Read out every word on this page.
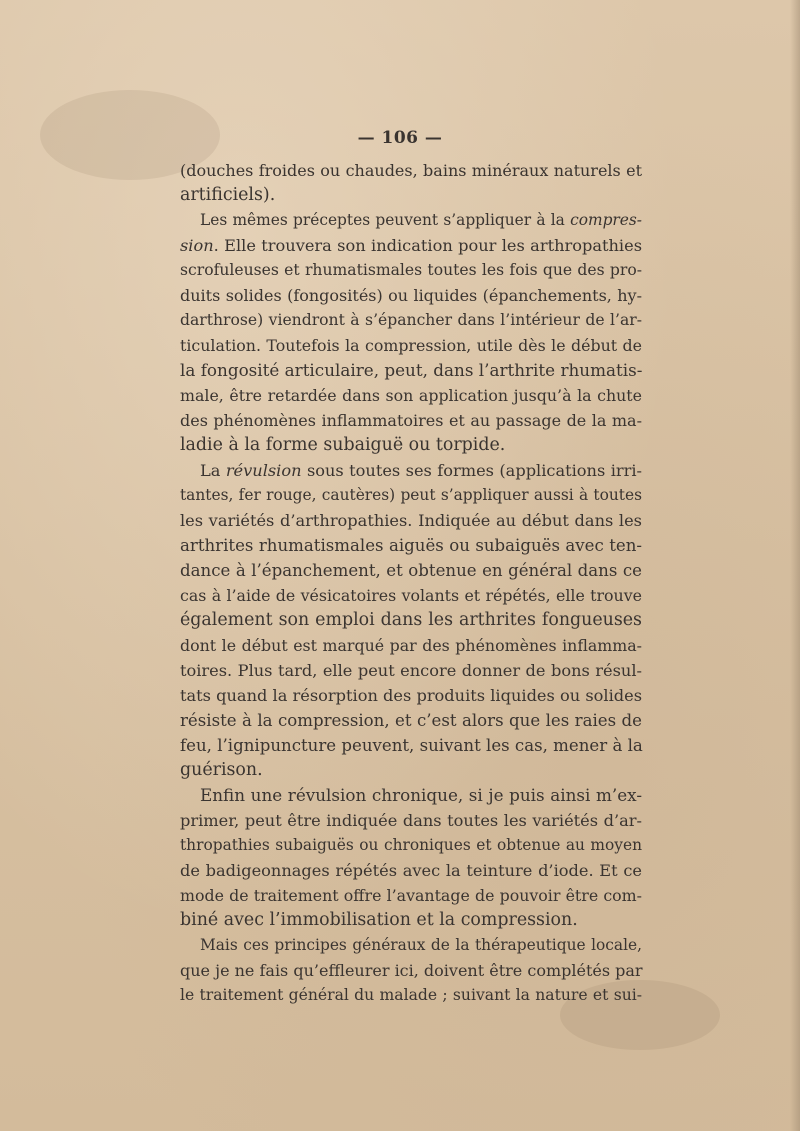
— 106 —
(douches froides ou chaudes, bains minéraux naturels et
artificiels).
Les mêmes préceptes peuvent s’appliquer à la compres-
sion. Elle trouvera son indication pour les arthropathies
scrofuleuses et rhumatismales toutes les fois que des pro-
duits solides (fongosités) ou liquides (épanchements, hy-
darthrose) viendront à s’épancher dans l’intérieur de l’ar-
ticulation. Toutefois la compression, utile dès le début de
la fongosité articulaire, peut, dans l’arthrite rhumatis-
male, être retardée dans son application jusqu’à la chute
des phénomènes inflammatoires et au passage de la ma-
ladie à la forme subaiguë ou torpide.
La révulsion sous toutes ses formes (applications irri-
tantes, fer rouge, cautères) peut s’appliquer aussi à toutes
les variétés d’arthropathies. Indiquée au début dans les
arthrites rhumatismales aiguës ou subaiguës avec ten-
dance à l’épanchement, et obtenue en général dans ce
cas à l’aide de vésicatoires volants et répétés, elle trouve
également son emploi dans les arthrites fongueuses
dont le début est marqué par des phénomènes inflamma-
toires. Plus tard, elle peut encore donner de bons résul-
tats quand la résorption des produits liquides ou solides
résiste à la compression, et c’est alors que les raies de
feu, l’ignipuncture peuvent, suivant les cas, mener à la
guérison.
Enfin une révulsion chronique, si je puis ainsi m’ex-
primer, peut être indiquée dans toutes les variétés d’ar-
thropathies subaiguës ou chroniques et obtenue au moyen
de badigeonnages répétés avec la teinture d’iode. Et ce
mode de traitement offre l’avantage de pouvoir être com-
biné avec l’immobilisation et la compression.
Mais ces principes généraux de la thérapeutique locale,
que je ne fais qu’effleurer ici, doivent être complétés par
le traitement général du malade ; suivant la nature et sui-
